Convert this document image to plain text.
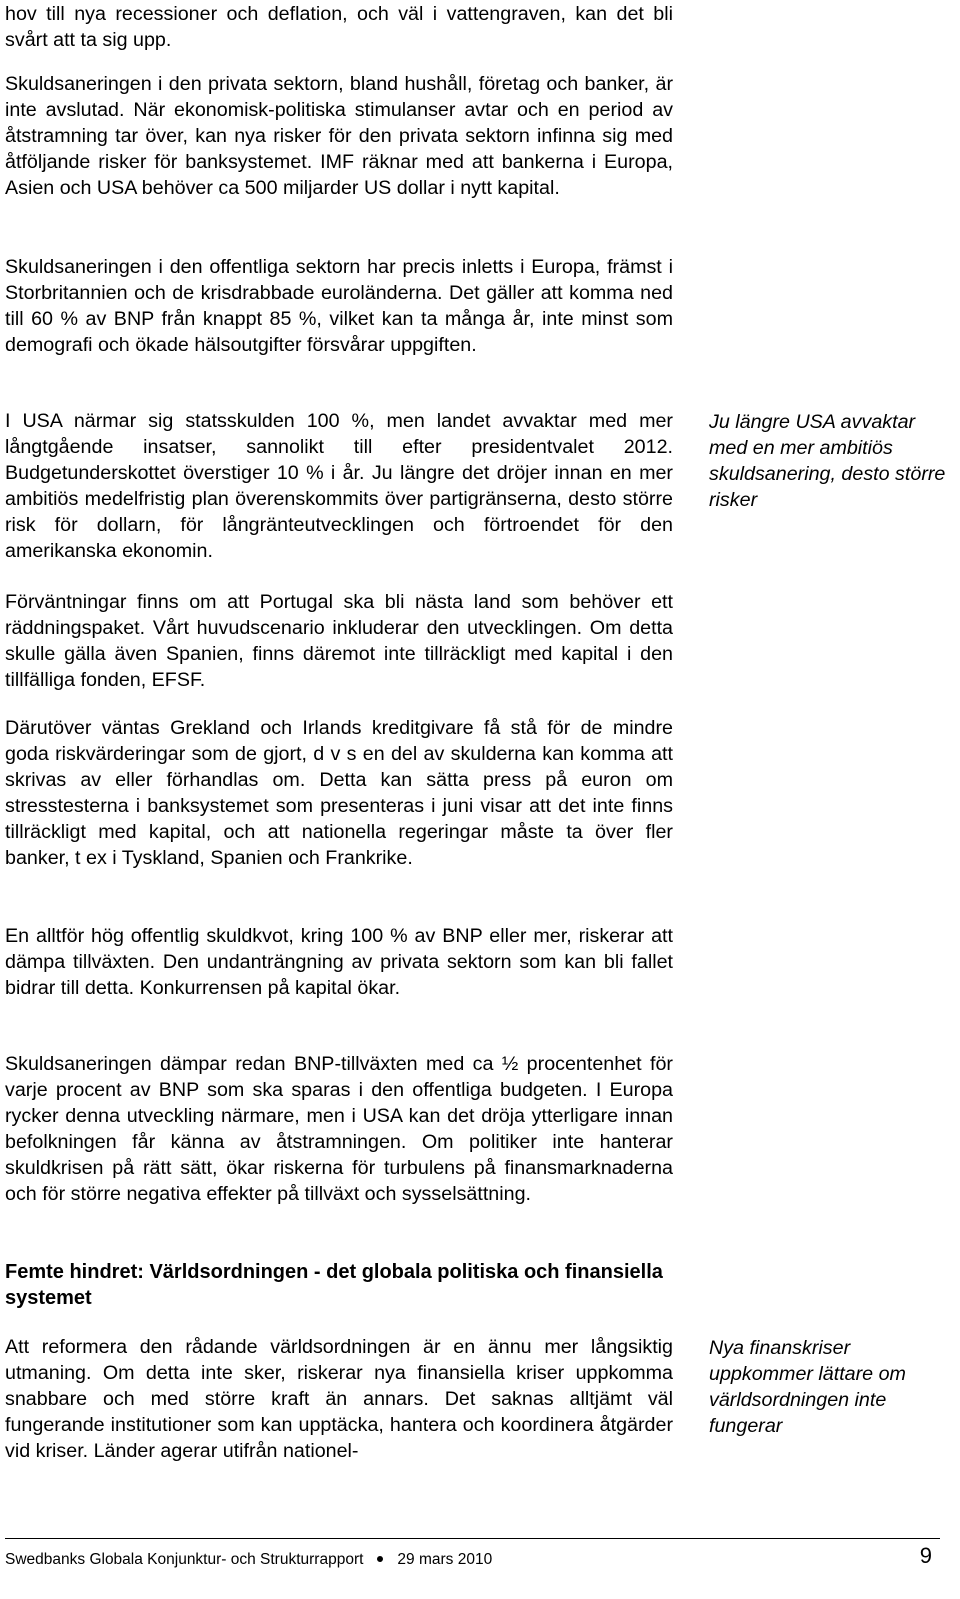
hov till nya recessioner och deflation, och väl i vattengraven, kan det bli svårt att ta sig upp.

Skuldsaneringen i den privata sektorn, bland hushåll, företag och banker, är inte avslutad. När ekonomisk-politiska stimulanser avtar och en period av åtstramning tar över, kan nya risker för den privata sektorn infinna sig med åtföljande risker för banksystemet. IMF räknar med att bankerna i Europa, Asien och USA behöver ca 500 miljarder US dollar i nytt kapital.

Skuldsaneringen i den offentliga sektorn har precis inletts i Europa, främst i Storbritannien och de krisdrabbade euroländerna. Det gäller att komma ned till 60 % av BNP från knappt 85 %, vilket kan ta många år, inte minst som demografi och ökade hälsoutgifter försvårar uppgiften.

I USA närmar sig statsskulden 100 %, men landet avvaktar med mer långtgående insatser, sannolikt till efter presidentvalet 2012. Budgetunderskottet överstiger 10 % i år. Ju längre det dröjer innan en mer ambitiös medelfristig plan överenskommits över partigränserna, desto större risk för dollarn, för långränteutvecklingen och förtroendet för den amerikanska ekonomin.

Förväntningar finns om att Portugal ska bli nästa land som behöver ett räddningspaket. Vårt huvudscenario inkluderar den utvecklingen. Om detta skulle gälla även Spanien, finns däremot inte tillräckligt med kapital i den tillfälliga fonden, EFSF.

Därutöver väntas Grekland och Irlands kreditgivare få stå för de mindre goda riskvärderingar som de gjort, d v s en del av skulderna kan komma att skrivas av eller förhandlas om. Detta kan sätta press på euron om stresstesterna i banksystemet som presenteras i juni visar att det inte finns tillräckligt med kapital, och att nationella regeringar måste ta över fler banker, t ex i Tyskland, Spanien och Frankrike.

En alltför hög offentlig skuldkvot, kring 100 % av BNP eller mer, riskerar att dämpa tillväxten. Den undanträngning av privata sektorn som kan bli fallet bidrar till detta. Konkurrensen på kapital ökar.

Skuldsaneringen dämpar redan BNP-tillväxten med ca ½ procentenhet för varje procent av BNP som ska sparas i den offentliga budgeten. I Europa rycker denna utveckling närmare, men i USA kan det dröja ytterligare innan befolkningen får känna av åtstramningen. Om politiker inte hanterar skuldkrisen på rätt sätt, ökar riskerna för turbulens på finansmarknaderna och för större negativa effekter på tillväxt och sysselsättning.

Femte hindret: Världsordningen - det globala politiska och finansiella systemet

Att reformera den rådande världsordningen är en ännu mer långsiktig utmaning. Om detta inte sker, riskerar nya finansiella kriser uppkomma snabbare och med större kraft än annars. Det saknas alltjämt väl fungerande institutioner som kan upptäcka, hantera och koordinera åtgärder vid kriser. Länder agerar utifrån nationel-

Ju längre USA avvaktar med en mer ambitiös skuldsanering, desto större risker

Nya finanskriser uppkommer lättare om världsordningen inte fungerar

Swedbanks Globala Konjunktur- och Strukturrapport 29 mars 2010	9
